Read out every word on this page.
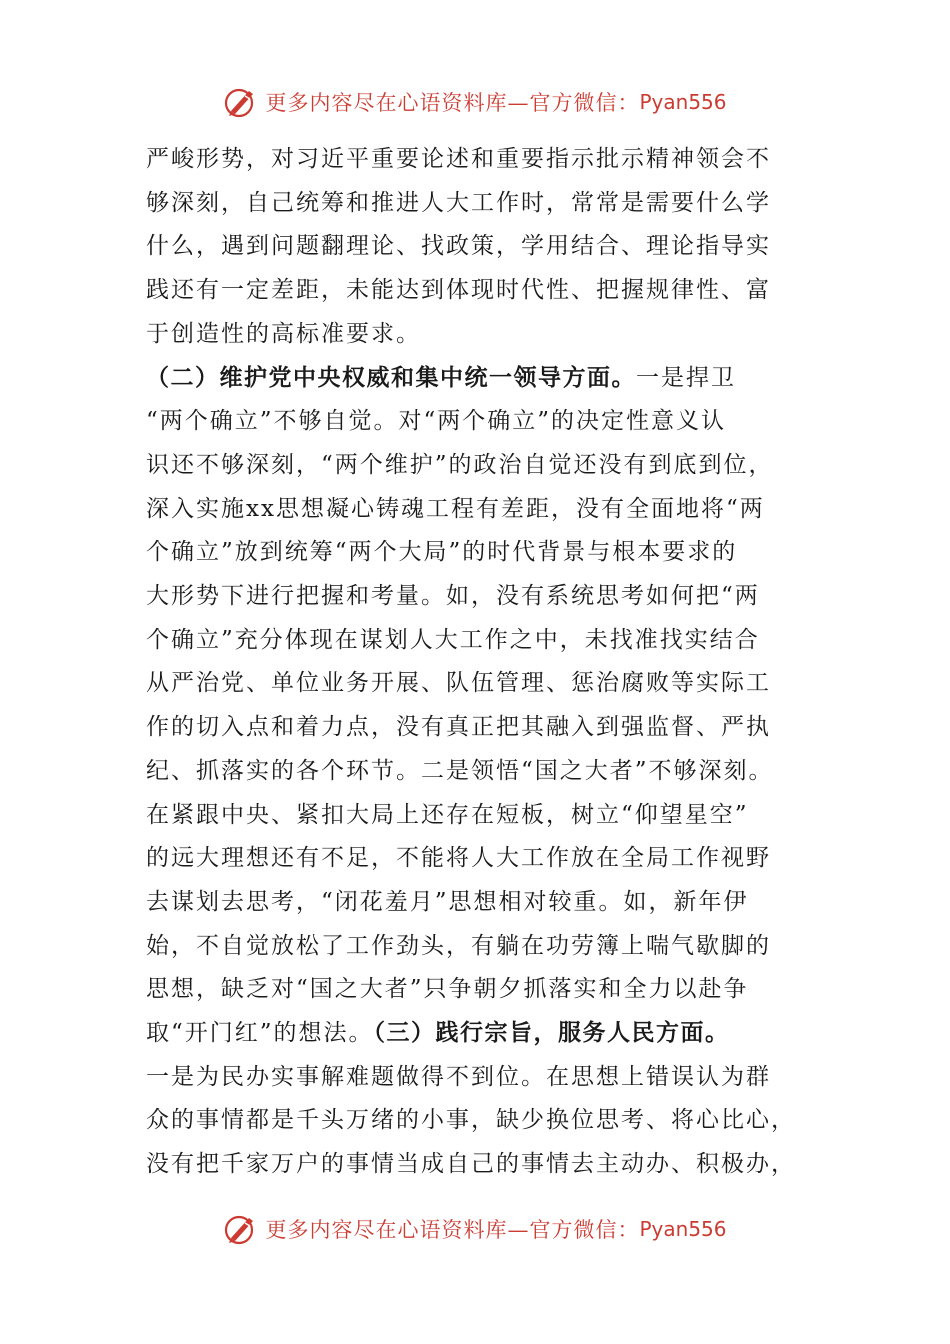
更多内容尽在心语资料库—官方微信： Pyan556
严峻形势，对习近平重要论述和重要指示批示精神领会不
够深刻，自己统筹和推进人大工作时，常常是需要什么学
什么，遇到问题翻理论、找政策，学用结合、理论指导实
践还有一定差距，未能达到体现时代性、把握规律性、富
于创造性的高标准要求。
（二）维护党中央权威和集中统一领导方面。一是捍卫
“两个确立”不够自觉。对“两个确立”的决定性意义认
识还不够深刻，“两个维护”的政治自觉还没有到底到位，
深入实施xx思想凝心铸魂工程有差距，没有全面地将“两
个确立”放到统筹“两个大局”的时代背景与根本要求的
大形势下进行把握和考量。如，没有系统思考如何把“两
个确立”充分体现在谋划人大工作之中，未找准找实结合
从严治党、单位业务开展、队伍管理、惩治腐败等实际工
作的切入点和着力点，没有真正把其融入到强监督、严执
纪、抓落实的各个环节。二是领悟“国之大者”不够深刻。
在紧跟中央、紧扣大局上还存在短板，树立“仰望星空”
的远大理想还有不足，不能将人大工作放在全局工作视野
去谋划去思考，“闭花羞月”思想相对较重。如，新年伊
始，不自觉放松了工作劲头，有躺在功劳簿上喘气歇脚的
思想，缺乏对“国之大者”只争朝夕抓落实和全力以赴争
取“开门红”的想法。（三）践行宗旨，服务人民方面。
一是为民办实事解难题做得不到位。在思想上错误认为群
众的事情都是千头万绪的小事，缺少换位思考、将心比心，
没有把千家万户的事情当成自己的事情去主动办、积极办，
更多内容尽在心语资料库—官方微信： Pyan556
